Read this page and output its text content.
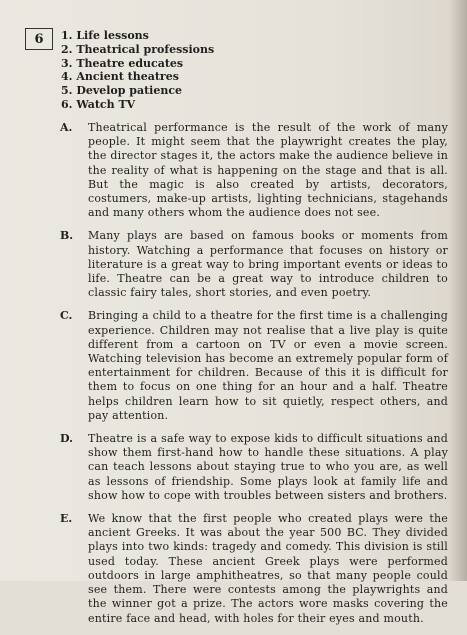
6 1. Life lessons
2. Theatrical professions
3. Theatre educates
4. Ancient theatres
5. Develop patience
6. Watch TV
A.	Theatrical performance is the result of the work of many people. It might seem that the playwright creates the play, the director stages it, the actors make the audience believe in the reality of what is happening on the stage and that is all. But the magic is also created by artists, decorators, costumers, make-up artists, lighting technicians, stagehands and many others whom the audience does not see.
B.	Many plays are based on famous books or moments from history. Watching a performance that focuses on history or literature is a great way to bring important events or ideas to life. Theatre can be a great way to introduce children to classic fairy tales, short stories, and even poetry.
C.	Bringing a child to a theatre for the first time is a challenging experience. Children may not realise that a live play is quite different from a cartoon on TV or even a movie screen. Watching television has become an extremely popular form of entertainment for children. Because of this it is difficult for them to focus on one thing for an hour and a half. Theatre helps children learn how to sit quietly, respect others, and pay attention.
D.	Theatre is a safe way to expose kids to difficult situations and show them first-hand how to handle these situations. A play can teach lessons about staying true to who you are, as well as lessons of friendship. Some plays look at family life and show how to cope with troubles between sisters and brothers.
E.	We know that the first people who created plays were the ancient Greeks. It was about the year 500 BC. They divided plays into two kinds: tragedy and comedy. This division is still used today. These ancient Greek plays were performed outdoors in large amphitheatres, so that many people could see them. There were contests among the playwrights and the winner got a prize. The actors wore masks covering the entire face and head, with holes for their eyes and mouth.
